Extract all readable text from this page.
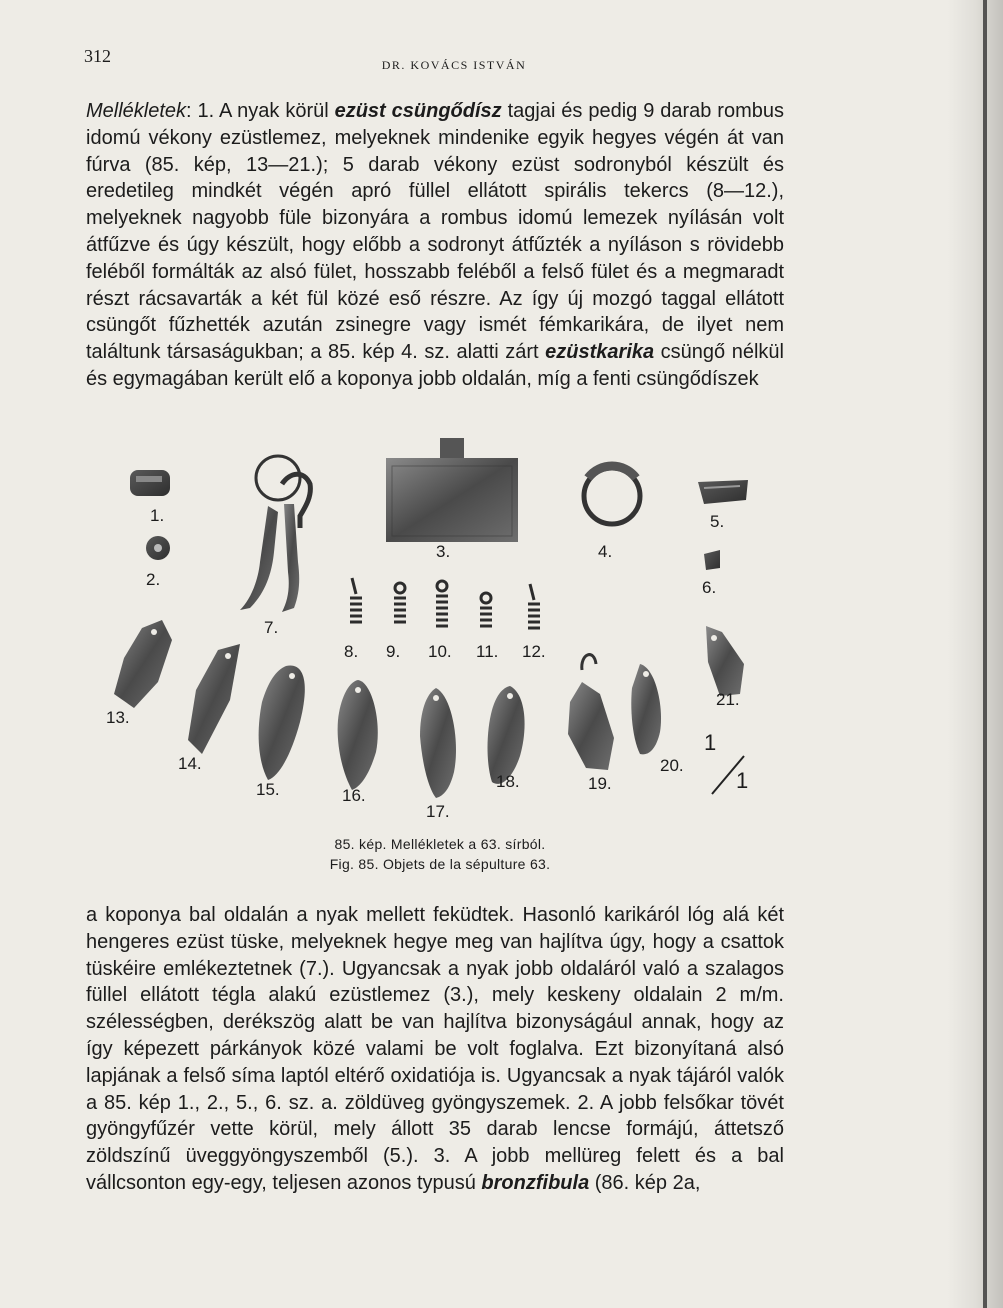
312	DR. KOVÁCS ISTVÁN

Mellékletek: 1. A nyak körül ezüst csüngődísz tagjai és pedig 9 darab rombus idomú vékony ezüstlemez, melyeknek mindenike egyik hegyes végén át van fúrva (85. kép, 13—21.); 5 darab vékony ezüst sodronyból készült és eredetileg mindkét végén apró füllel ellátott spirális tekercs (8—12.), melyeknek nagyobb füle bizonyára a rombus idomú lemezek nyílásán volt átfűzve és úgy készült, hogy előbb a sodronyt átfűzték a nyíláson s rövidebb feléből formálták az alsó fület, hosszabb feléből a felső fület és a megmaradt részt rácsavarták a két fül közé eső részre. Az így új mozgó taggal ellátott csüngőt fűzhették azután zsinegre vagy ismét fémkarikára, de ilyet nem találtunk társaságukban; a 85. kép 4. sz. alatti zárt ezüstkarika csüngő nélkül és egymagában került elő a koponya jobb oldalán, míg a fenti csüngődíszek

1.
2.
3.	4.
5.
6.
7.
8. 9. 10. 11. 12.
13.
14.
15.	16.
17.
18.	19.
20.
21.
1
1
85. kép. Mellékletek a 63. sírból.
Fig. 85. Objets de la sépulture 63.

a koponya bal oldalán a nyak mellett feküdtek. Hasonló karikáról lóg alá két hengeres ezüst tüske, melyeknek hegye meg van hajlítva úgy, hogy a csattok tüskéire emlékeztetnek (7.). Ugyancsak a nyak jobb oldaláról való a szalagos füllel ellátott tégla alakú ezüstlemez (3.), mely keskeny oldalain 2 m/m. szélességben, derékszög alatt be van hajlítva bizonyságául annak, hogy az így képezett párkányok közé valami be volt foglalva. Ezt bizonyítaná alsó lapjának a felső síma laptól eltérő oxidatiója is. Ugyancsak a nyak tájáról valók a 85. kép 1., 2., 5., 6. sz. a. zöldüveg gyöngyszemek. 2. A jobb felsőkar tövét gyöngyfűzér vette körül, mely állott 35 darab lencse formájú, áttetsző zöldszínű üveggyöngyszemből (5.). 3. A jobb mellüreg felett és a bal vállcsonton egy-egy, teljesen azonos typusú bronzfibula (86. kép 2a,
